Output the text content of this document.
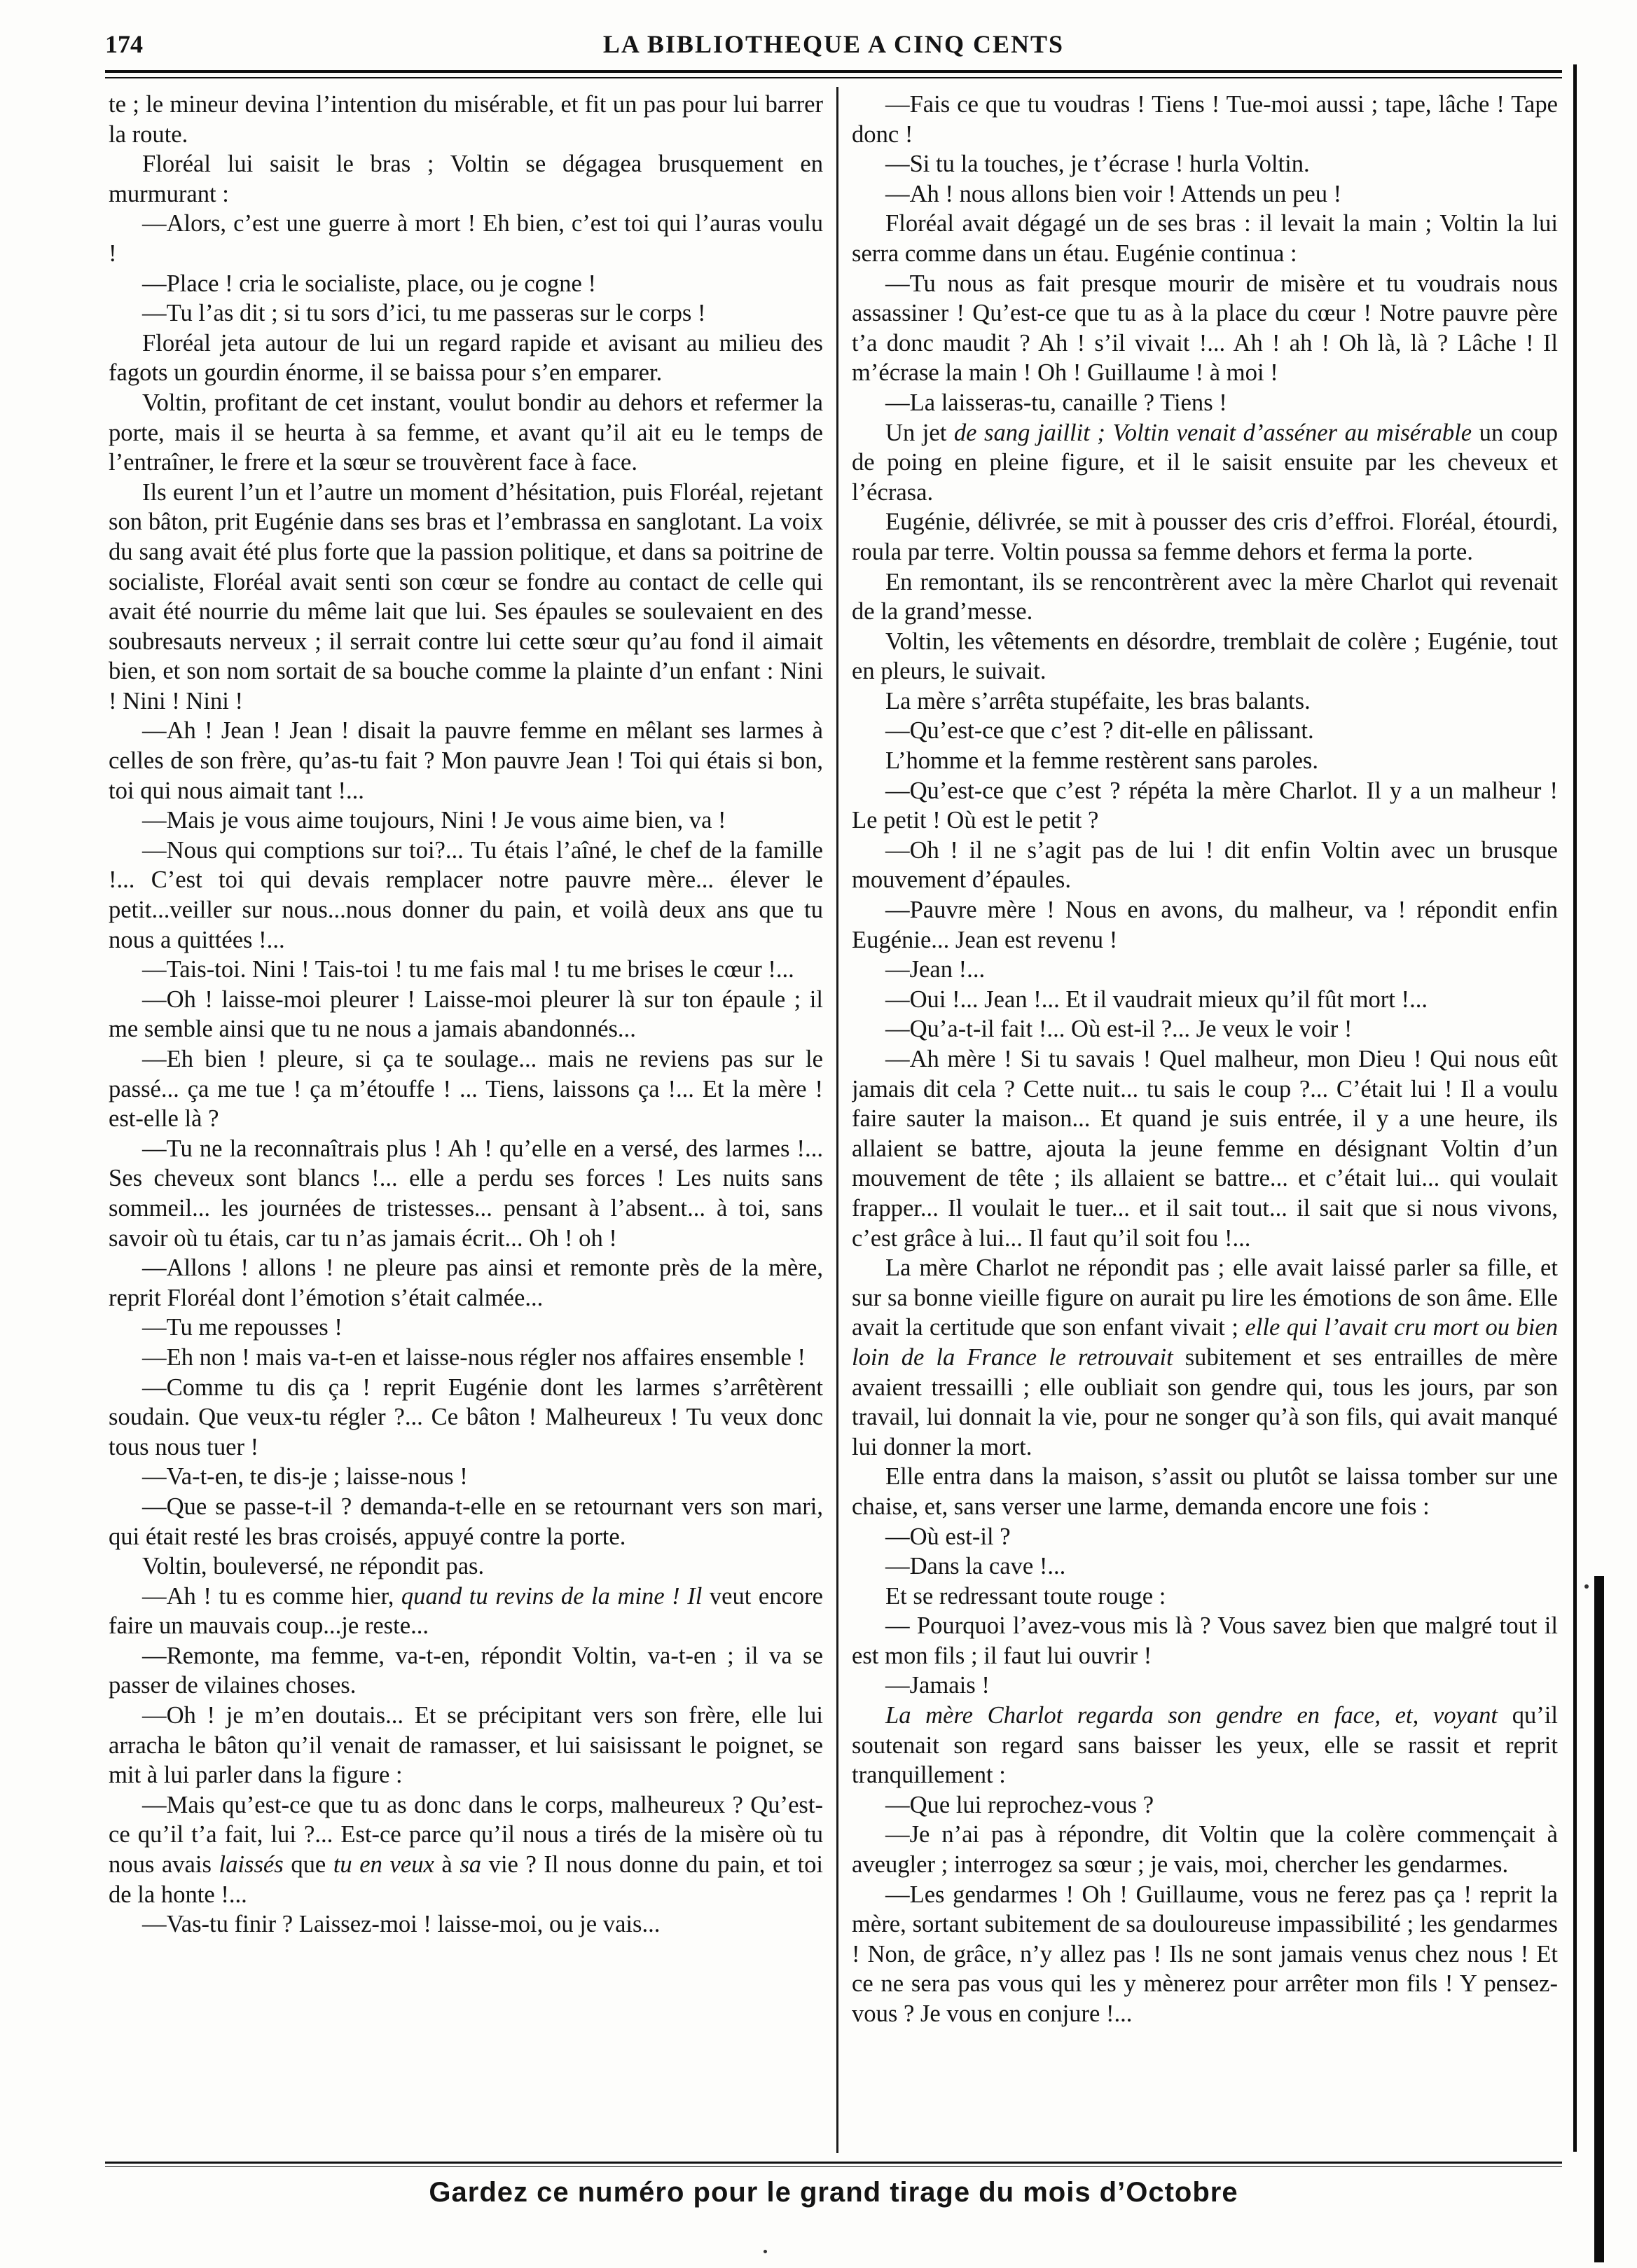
174	LA BIBLIOTHEQUE A CINQ CENTS

te ; le mineur devina l’intention du misérable, et fit un pas pour lui barrer la route.

Floréal lui saisit le bras ; Voltin se dégagea brusquement en murmurant :

—Alors, c’est une guerre à mort ! Eh bien, c’est toi qui l’auras voulu !

—Place ! cria le socialiste, place, ou je cogne !

—Tu l’as dit ; si tu sors d’ici, tu me passeras sur le corps !

Floréal jeta autour de lui un regard rapide et avisant au milieu des fagots un gourdin énorme, il se baissa pour s’en emparer.

Voltin, profitant de cet instant, voulut bondir au dehors et refermer la porte, mais il se heurta à sa femme, et avant qu’il ait eu le temps de l’entraîner, le frere et la sœur se trouvèrent face à face.

Ils eurent l’un et l’autre un moment d’hésitation, puis Floréal, rejetant son bâton, prit Eugénie dans ses bras et l’embrassa en sanglotant. La voix du sang avait été plus forte que la passion politique, et dans sa poitrine de socialiste, Floréal avait senti son cœur se fondre au contact de celle qui avait été nourrie du même lait que lui. Ses épaules se soulevaient en des soubresauts nerveux ; il serrait contre lui cette sœur qu’au fond il aimait bien, et son nom sortait de sa bouche comme la plainte d’un enfant : Nini ! Nini ! Nini !

—Ah ! Jean ! Jean ! disait la pauvre femme en mêlant ses larmes à celles de son frère, qu’as-tu fait ? Mon pauvre Jean ! Toi qui étais si bon, toi qui nous aimait tant !...

—Mais je vous aime toujours, Nini ! Je vous aime bien, va !

—Nous qui comptions sur toi?... Tu étais l’aîné, le chef de la famille !... C’est toi qui devais remplacer notre pauvre mère... élever le petit...veiller sur nous...nous donner du pain, et voilà deux ans que tu nous a quittées !...

—Tais-toi. Nini ! Tais-toi ! tu me fais mal ! tu me brises le cœur !...

—Oh ! laisse-moi pleurer ! Laisse-moi pleurer là sur ton épaule ; il me semble ainsi que tu ne nous a jamais abandonnés...

—Eh bien ! pleure, si ça te soulage... mais ne reviens pas sur le passé... ça me tue ! ça m’étouffe ! ... Tiens, laissons ça !... Et la mère ! est-elle là ?

—Tu ne la reconnaîtrais plus ! Ah ! qu’elle en a versé, des larmes !... Ses cheveux sont blancs !... elle a perdu ses forces ! Les nuits sans sommeil... les journées de tristesses... pensant à l’absent... à toi, sans savoir où tu étais, car tu n’as jamais écrit... Oh ! oh !

—Allons ! allons ! ne pleure pas ainsi et remonte près de la mère, reprit Floréal dont l’émotion s’était calmée...

—Tu me repousses !

—Eh non ! mais va-t-en et laisse-nous régler nos affaires ensemble !

—Comme tu dis ça ! reprit Eugénie dont les larmes s’arrêtèrent soudain. Que veux-tu régler ?... Ce bâton ! Malheureux ! Tu veux donc tous nous tuer !

—Va-t-en, te dis-je ; laisse-nous !

—Que se passe-t-il ? demanda-t-elle en se retournant vers son mari, qui était resté les bras croisés, appuyé contre la porte.

Voltin, bouleversé, ne répondit pas.

—Ah ! tu es comme hier, quand tu revins de la mine ! Il veut encore faire un mauvais coup...je reste...

—Remonte, ma femme, va-t-en, répondit Voltin, va-t-en ; il va se passer de vilaines choses.

—Oh ! je m’en doutais... Et se précipitant vers son frère, elle lui arracha le bâton qu’il venait de ramasser, et lui saisissant le poignet, se mit à lui parler dans la figure :

—Mais qu’est-ce que tu as donc dans le corps, malheureux ? Qu’est-ce qu’il t’a fait, lui ?... Est-ce parce qu’il nous a tirés de la misère où tu nous avais laissés que tu en veux à sa vie ? Il nous donne du pain, et toi de la honte !...

—Vas-tu finir ? Laissez-moi ! laisse-moi, ou je vais...

—Fais ce que tu voudras ! Tiens ! Tue-moi aussi ; tape, lâche ! Tape donc !

—Si tu la touches, je t’écrase ! hurla Voltin.

—Ah ! nous allons bien voir ! Attends un peu !

Floréal avait dégagé un de ses bras : il levait la main ; Voltin la lui serra comme dans un étau. Eugénie continua :

—Tu nous as fait presque mourir de misère et tu voudrais nous assassiner ! Qu’est-ce que tu as à la place du cœur ! Notre pauvre père t’a donc maudit ? Ah ! s’il vivait !... Ah ! ah ! Oh là, là ? Lâche ! Il m’écrase la main ! Oh ! Guillaume ! à moi !

—La laisseras-tu, canaille ? Tiens !

Un jet de sang jaillit ; Voltin venait d’asséner au misérable un coup de poing en pleine figure, et il le saisit ensuite par les cheveux et l’écrasa.

Eugénie, délivrée, se mit à pousser des cris d’effroi. Floréal, étourdi, roula par terre. Voltin poussa sa femme dehors et ferma la porte.

En remontant, ils se rencontrèrent avec la mère Charlot qui revenait de la grand’messe.

Voltin, les vêtements en désordre, tremblait de colère ; Eugénie, tout en pleurs, le suivait.

La mère s’arrêta stupéfaite, les bras balants.

—Qu’est-ce que c’est ? dit-elle en pâlissant.

L’homme et la femme restèrent sans paroles.

—Qu’est-ce que c’est ? répéta la mère Charlot. Il y a un malheur ! Le petit ! Où est le petit ?

—Oh ! il ne s’agit pas de lui ! dit enfin Voltin avec un brusque mouvement d’épaules.

—Pauvre mère ! Nous en avons, du malheur, va ! répondit enfin Eugénie... Jean est revenu !

—Jean !...

—Oui !... Jean !... Et il vaudrait mieux qu’il fût mort !...

—Qu’a-t-il fait !... Où est-il ?... Je veux le voir !

—Ah mère ! Si tu savais ! Quel malheur, mon Dieu ! Qui nous eût jamais dit cela ? Cette nuit... tu sais le coup ?... C’était lui ! Il a voulu faire sauter la maison... Et quand je suis entrée, il y a une heure, ils allaient se battre, ajouta la jeune femme en désignant Voltin d’un mouvement de tête ; ils allaient se battre... et c’était lui... qui voulait frapper... Il voulait le tuer... et il sait tout... il sait que si nous vivons, c’est grâce à lui... Il faut qu’il soit fou !...

La mère Charlot ne répondit pas ; elle avait laissé parler sa fille, et sur sa bonne vieille figure on aurait pu lire les émotions de son âme. Elle avait la certitude que son enfant vivait ; elle qui l’avait cru mort ou bien loin de la France le retrouvait subitement et ses entrailles de mère avaient tressailli ; elle oubliait son gendre qui, tous les jours, par son travail, lui donnait la vie, pour ne songer qu’à son fils, qui avait manqué lui donner la mort.

Elle entra dans la maison, s’assit ou plutôt se laissa tomber sur une chaise, et, sans verser une larme, demanda encore une fois :

—Où est-il ?

—Dans la cave !...

Et se redressant toute rouge :

— Pourquoi l’avez-vous mis là ? Vous savez bien que malgré tout il est mon fils ; il faut lui ouvrir !

—Jamais !

La mère Charlot regarda son gendre en face, et, voyant qu’il soutenait son regard sans baisser les yeux, elle se rassit et reprit tranquillement :

—Que lui reprochez-vous ?

—Je n’ai pas à répondre, dit Voltin que la colère commençait à aveugler ; interrogez sa sœur ; je vais, moi, chercher les gendarmes.

—Les gendarmes ! Oh ! Guillaume, vous ne ferez pas ça ! reprit la mère, sortant subitement de sa douloureuse impassibilité ; les gendarmes ! Non, de grâce, n’y allez pas ! Ils ne sont jamais venus chez nous ! Et ce ne sera pas vous qui les y mènerez pour arrêter mon fils ! Y pensez-vous ? Je vous en conjure !...

Gardez ce numéro pour le grand tirage du mois d’Octobre
